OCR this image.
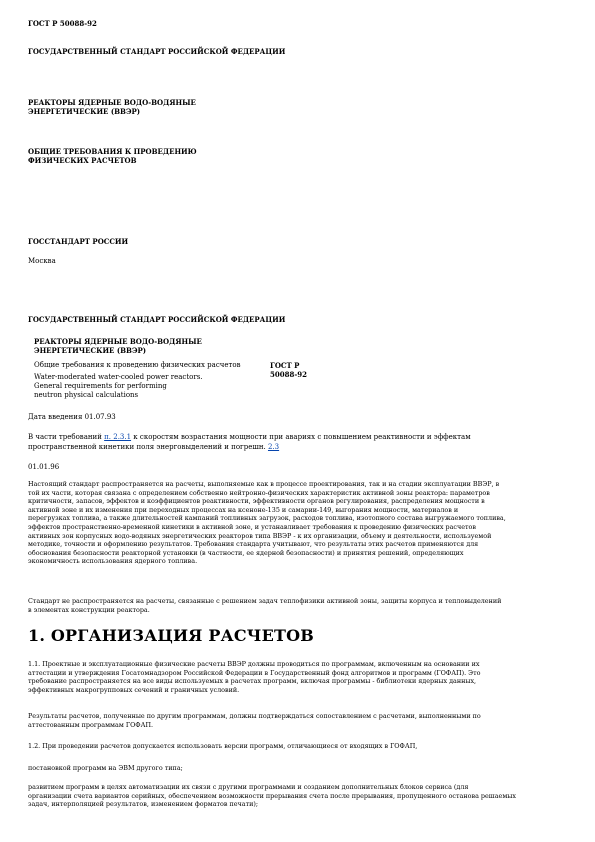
ГОСТ Р 50088-92

ГОСУДАРСТВЕННЫЙ СТАНДАРТ РОССИЙСКОЙ ФЕДЕРАЦИИ

РЕАКТОРЫ ЯДЕРНЫЕ ВОДО-ВОДЯНЫЕ

ЭНЕРГЕТИЧЕСКИЕ (ВВЭР)

ОБЩИЕ ТРЕБОВАНИЯ К ПРОВЕДЕНИЮ

ФИЗИЧЕСКИХ РАСЧЕТОВ

ГОССТАНДАРТ РОССИИ

Москва

ГОСУДАРСТВЕННЫЙ СТАНДАРТ РОССИЙСКОЙ ФЕДЕРАЦИИ

РЕАКТОРЫ ЯДЕРНЫЕ ВОДО-ВОДЯНЫЕ

ЭНЕРГЕТИЧЕСКИЕ (ВВЭР)

Общие требования к проведению физических расчетов

Water-moderated water-cooled power reactors.

General requirements for performing

neutron physical calculations

ГОСТ Р

50088-92

Дата введения 01.07.93

В части требований п. 2.3.1 к скоростям возрастания мощности при авариях с повышением реактивности и эффектам

пространственной кинетики поля энерговыделений и погрешн. 2.3

01.01.96

Настоящий стандарт распространяется на расчеты, выполняемые как в процессе проектирования, так и на стадии эксплуатации ВВЭР, в
той их части, которая связана с определением собственно нейтронно-физических характеристик активной зоны реактора: параметров
критичности, запасов, эффектов и коэффициентов реактивности, эффективности органов регулирования, распределения мощности в
активной зоне и их изменения при переходных процессах на ксеноне-135 и самарии-149, выгорания мощности, материалов и
перегрузках топлива, а также длительностей кампаний топливных загрузок, расходов топлива, изотопного состава выгружаемого топлива,
эффектов пространственно-временной кинетики в активной зоне, и устанавливает требования к проведению физических расчетов
активных зон корпусных водо-водяных энергетических реакторов типа ВВЭР - к их организации, объему и деятельности, используемой
методике, точности и оформлению результатов. Требования стандарта учитывают, что результаты этих расчетов применяются для
обоснования безопасности реакторной установки (в частности, ее ядерной безопасности) и принятия решений, определяющих
экономичность использования ядерного топлива.
Стандарт не распространяется на расчеты, связанные с решением задач теплофизики активной зоны, защиты корпуса и тепловыделений
в элементах конструкции реактора.
1. ОРГАНИЗАЦИЯ РАСЧЕТОВ
1.1. Проектные и эксплуатационные физические расчеты ВВЭР должны проводиться по программам, включенным на основании их
аттестации и утверждения Госатомнадзором Российской Федерации в Государственный фонд алгоритмов и программ (ГОФАП). Это
требование распространяется на все виды используемых в расчетах программ, включая программы - библиотеки ядерных данных,
эффективных макрогрупповых сечений и граничных условий.
Результаты расчетов, полученные по другим программам, должны подтверждаться сопоставлением с расчетами, выполненными по
аттестованным программам ГОФАП.

1.2. При проведении расчетов допускается использовать версии программ, отличающиеся от входящих в ГОФАП,

постановкой программ на ЭВМ другого типа;

развитием программ в целях автоматизации их связи с другими программами и созданием дополнительных блоков сервиса (для
организации счета вариантов серийных, обеспечением возможности прерывания счета после прерывания, пропущенного останова решаемых
задач, интерполяцией результатов, изменением форматов печати);
